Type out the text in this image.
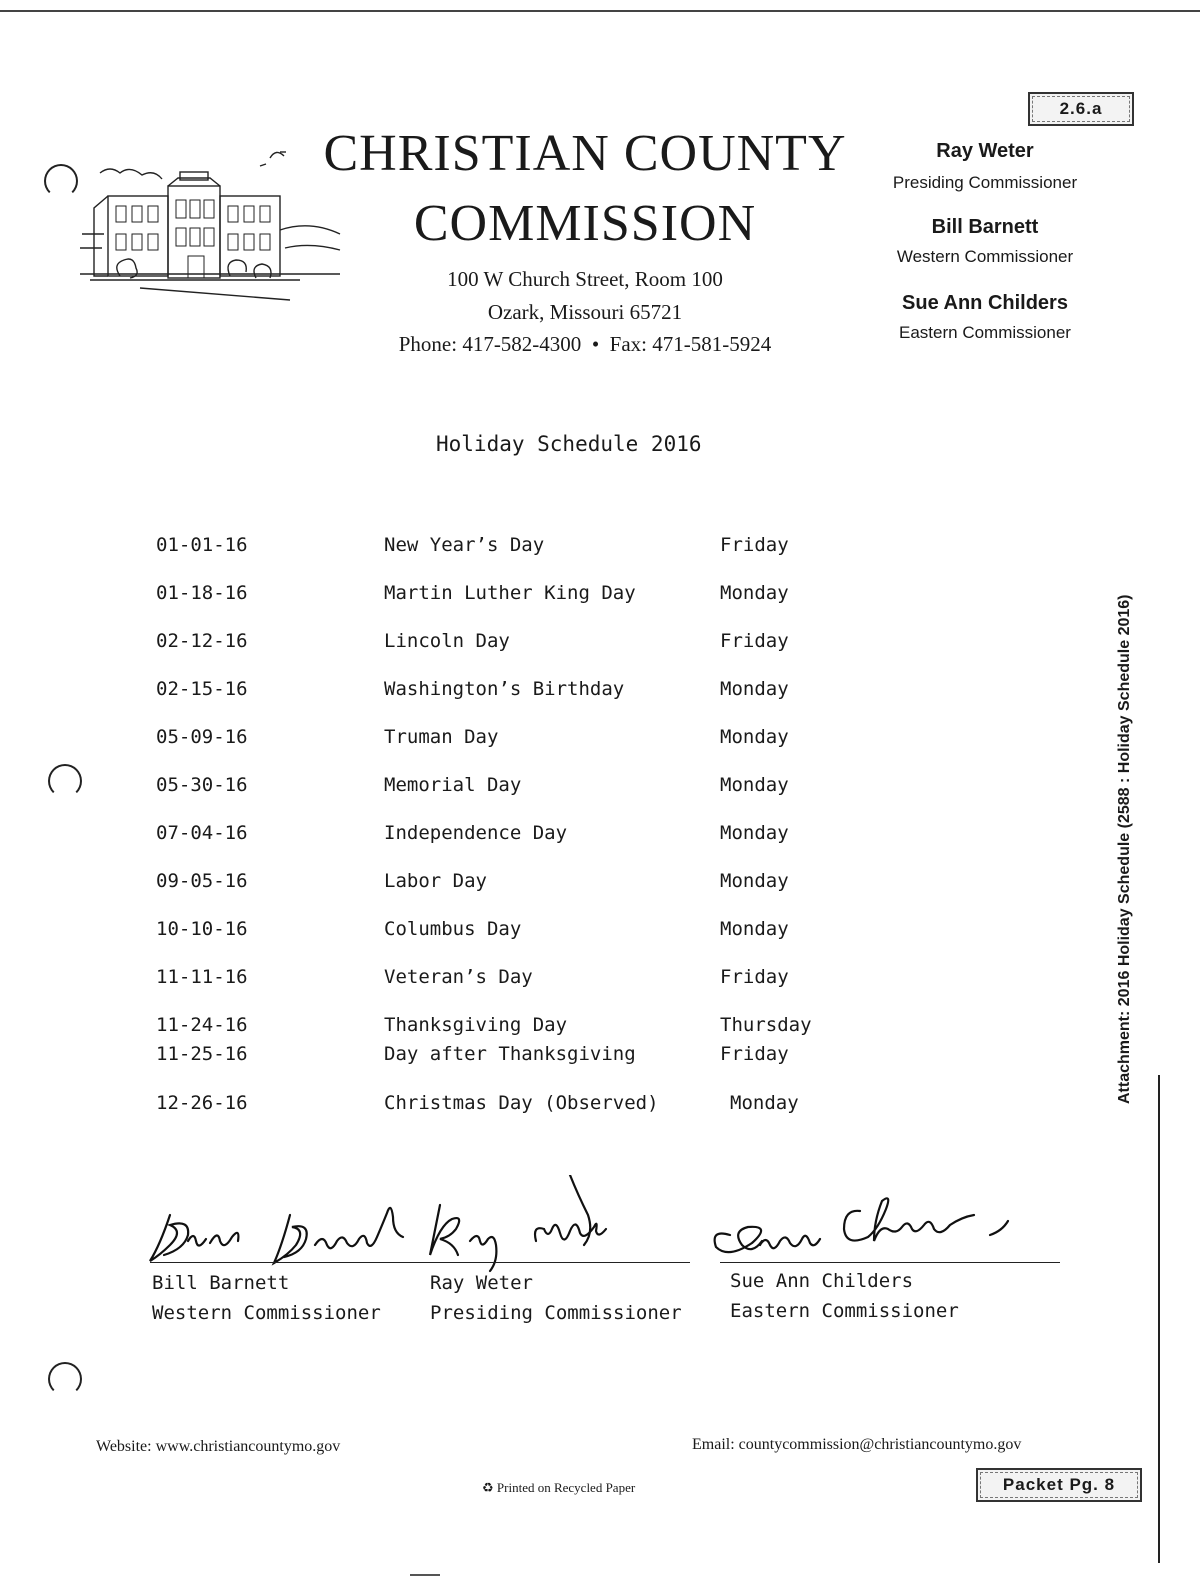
2.6.a
CHRISTIAN COUNTY
COMMISSION
100 W Church Street, Room 100
Ozark, Missouri 65721
Phone: 417-582-4300 • Fax: 471-581-5924
Ray Weter
Presiding Commissioner
Bill Barnett
Western Commissioner
Sue Ann Childers
Eastern Commissioner
Holiday Schedule 2016
01-01-16	New Year’s Day	Friday
01-18-16	Martin Luther King Day	Monday
02-12-16	Lincoln Day	Friday
02-15-16	Washington’s Birthday	Monday
05-09-16	Truman Day	Monday
05-30-16	Memorial Day	Monday
07-04-16	Independence Day	Monday
09-05-16	Labor Day	Monday
10-10-16	Columbus Day	Monday
11-11-16	Veteran’s Day	Friday
11-24-16	Thanksgiving Day	Thursday
11-25-16	Day after Thanksgiving	Friday
12-26-16	Christmas Day (Observed)	Monday
Bill Barnett
Western Commissioner
Ray Weter
Presiding Commissioner
Sue Ann Childers
Eastern Commissioner
Attachment: 2016 Holiday Schedule (2588 : Holiday Schedule 2016)
Website: www.christiancountymo.gov	Email: countycommission@christiancountymo.gov
♻ Printed on Recycled Paper	Packet Pg. 8
